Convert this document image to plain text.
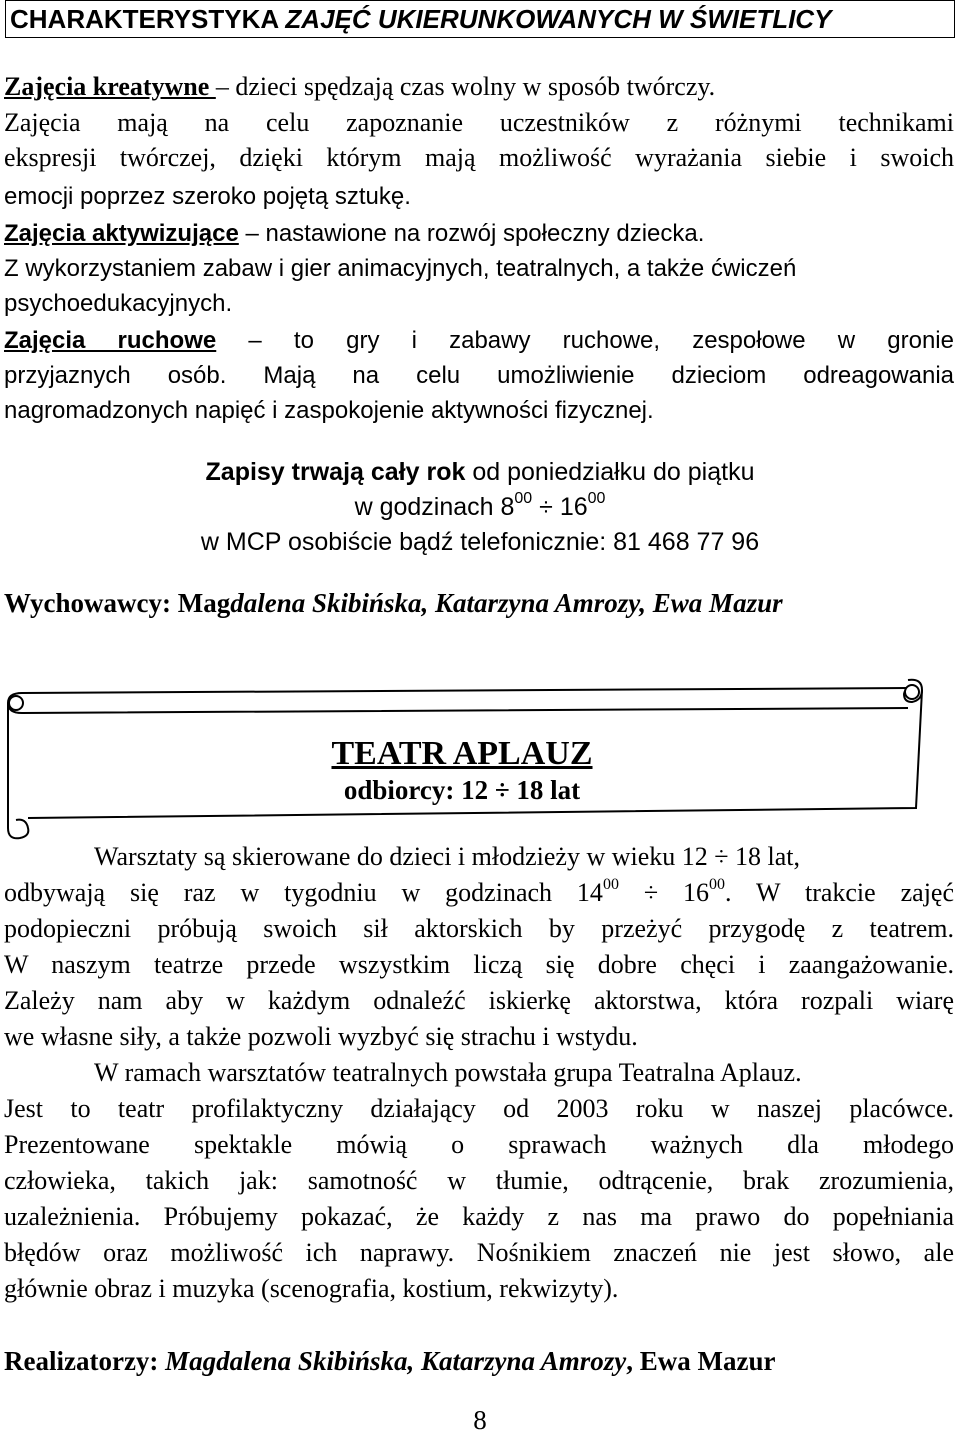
CHARAKTERYSTYKA ZAJĘĆ UKIERUNKOWANYCH W ŚWIETLICY
Zajęcia kreatywne – dzieci spędzają czas wolny w sposób twórczy.
Zajęcia mają na celu zapoznanie uczestników z różnymi technikami
ekspresji twórczej, dzięki którym mają możliwość wyrażania siebie i swoich
emocji poprzez szeroko pojętą sztukę.
Zajęcia aktywizujące – nastawione na rozwój społeczny dziecka.
Z wykorzystaniem zabaw i gier animacyjnych, teatralnych, a także ćwiczeń
psychoedukacyjnych.
Zajęcia ruchowe – to gry i zabawy ruchowe, zespołowe w gronie
przyjaznych osób. Mają na celu umożliwienie dzieciom odreagowania
nagromadzonych napięć i zaspokojenie aktywności fizycznej.
Zapisy trwają cały rok od poniedziałku do piątku
w godzinach $8^{00} \div 16^{00}$
w MCP osobiście bądź telefonicznie: 81 468 77 96
Wychowawcy: Magdalena Skibińska, Katarzyna Amrozy, Ewa Mazur
TEATR APLAUZ
odbiorcy: 12 ÷ 18 lat
Warsztaty są skierowane do dzieci i młodzieży w wieku 12 ÷ 18 lat,
odbywają się raz w tygodniu w godzinach $14^{00} \div 16^{00}$. W trakcie zajęć
podopieczni próbują swoich sił aktorskich by przeżyć przygodę z teatrem.
W naszym teatrze przede wszystkim liczą się dobre chęci i zaangażowanie.
Zależy nam aby w każdym odnaleźć iskierkę aktorstwa, która rozpali wiarę
we własne siły, a także pozwoli wyzbyć się strachu i wstydu.
W ramach warsztatów teatralnych powstała grupa Teatralna Aplauz.
Jest to teatr profilaktyczny działający od 2003 roku w naszej placówce.
Prezentowane spektakle mówią o sprawach ważnych dla młodego
człowieka, takich jak: samotność w tłumie, odtrącenie, brak zrozumienia,
uzależnienia. Próbujemy pokazać, że każdy z nas ma prawo do popełniania
błędów oraz możliwość ich naprawy. Nośnikiem znaczeń nie jest słowo, ale
głównie obraz i muzyka (scenografia, kostium, rekwizyty).
Realizatorzy: Magdalena Skibińska, Katarzyna Amrozy, Ewa Mazur
8
